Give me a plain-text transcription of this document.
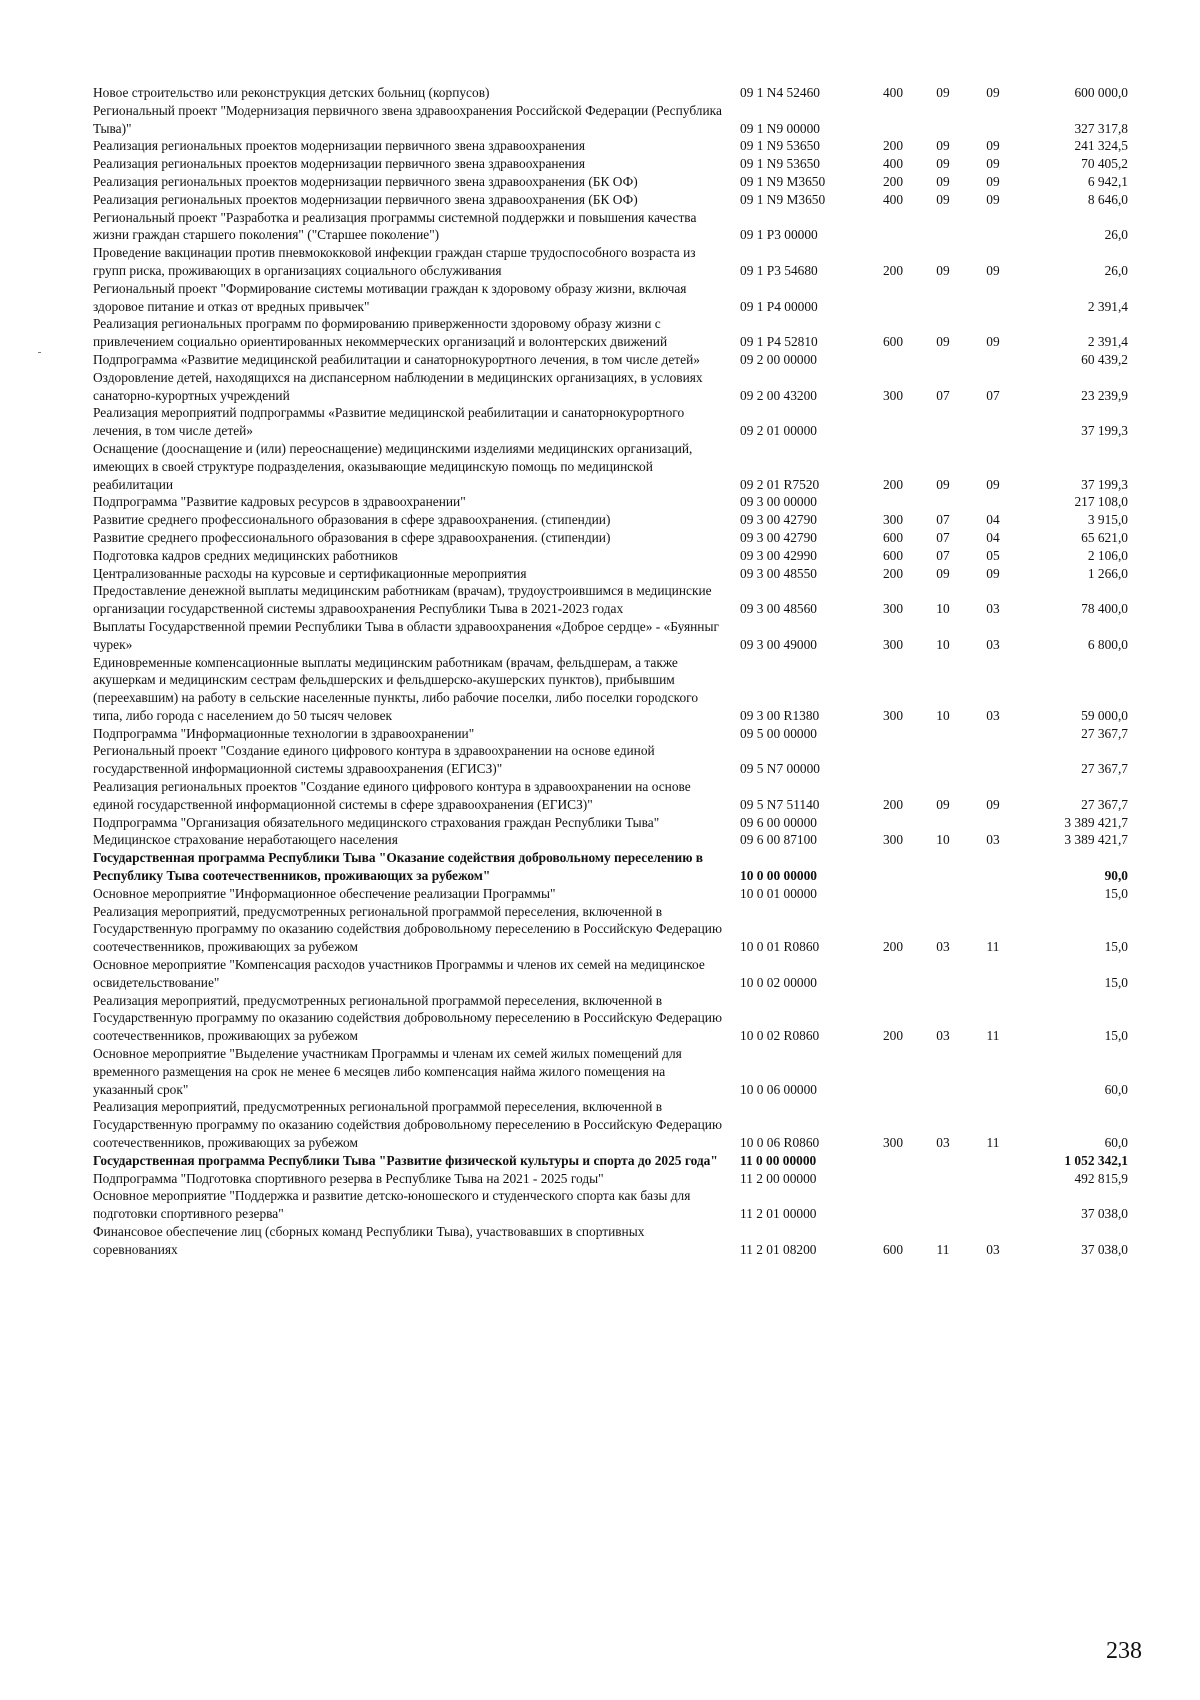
Новое строительство или реконструкция детских больниц (корпусов)	09 1 N4 52460	400	09	09	600 000,0
Региональный проект "Модернизация первичного звена здравоохранения Российской Федерации (Республика Тыва)"	09 1 N9 00000				327 317,8
Реализация региональных проектов модернизации первичного звена здравоохранения	09 1 N9 53650	200	09	09	241 324,5
Реализация региональных проектов модернизации первичного звена здравоохранения	09 1 N9 53650	400	09	09	70 405,2
Реализация региональных проектов модернизации первичного звена здравоохранения (БК ОФ)	09 1 N9 M3650	200	09	09	6 942,1
Реализация региональных проектов модернизации первичного звена здравоохранения (БК ОФ)	09 1 N9 M3650	400	09	09	8 646,0
Региональный проект "Разработка и реализация программы системной поддержки и повышения качества жизни граждан старшего поколения" ("Старшее поколение")	09 1 P3 00000				26,0
Проведение вакцинации против пневмококковой инфекции граждан старше трудоспособного возраста из групп риска, проживающих в организациях социального обслуживания	09 1 P3 54680	200	09	09	26,0
Региональный проект "Формирование системы мотивации граждан к здоровому образу жизни, включая здоровое питание и отказ от вредных привычек"	09 1 P4 00000				2 391,4
Реализация региональных программ по формированию приверженности здоровому образу жизни с привлечением социально ориентированных некоммерческих организаций и волонтерских движений	09 1 P4 52810	600	09	09	2 391,4
Подпрограмма «Развитие медицинской реабилитации и санаторнокурортного лечения, в том числе детей»	09 2 00 00000				60 439,2
Оздоровление детей, находящихся на диспансерном наблюдении в медицинских организациях, в условиях санаторно-курортных учреждений	09 2 00 43200	300	07	07	23 239,9
Реализация мероприятий подпрограммы «Развитие медицинской реабилитации и санаторнокурортного лечения, в том числе детей»	09 2 01 00000				37 199,3
Оснащение (дооснащение и (или) переоснащение) медицинскими изделиями медицинских организаций, имеющих в своей структуре подразделения, оказывающие медицинскую помощь по медицинской реабилитации	09 2 01 R7520	200	09	09	37 199,3
Подпрограмма "Развитие кадровых ресурсов в здравоохранении"	09 3 00 00000				217 108,0
Развитие среднего профессионального образования в сфере здравоохранения. (стипендии)	09 3 00 42790	300	07	04	3 915,0
Развитие среднего профессионального образования в сфере здравоохранения. (стипендии)	09 3 00 42790	600	07	04	65 621,0
Подготовка кадров средних медицинских работников	09 3 00 42990	600	07	05	2 106,0
Централизованные расходы на курсовые и сертификационные мероприятия	09 3 00 48550	200	09	09	1 266,0
Предоставление денежной выплаты медицинским работникам (врачам), трудоустроившимся в медицинские организации государственной системы здравоохранения Республики Тыва в 2021-2023 годах	09 3 00 48560	300	10	03	78 400,0
Выплаты Государственной премии Республики Тыва в области здравоохранения «Доброе сердце» - «Буянныг чурек»	09 3 00 49000	300	10	03	6 800,0
Единовременные компенсационные выплаты медицинским работникам (врачам, фельдшерам, а также акушеркам и медицинским сестрам фельдшерских и фельдшерско-акушерских пунктов), прибывшим (переехавшим) на работу в сельские населенные пункты, либо рабочие поселки, либо поселки городского типа, либо города с населением до 50 тысяч человек	09 3 00 R1380	300	10	03	59 000,0
Подпрограмма "Информационные технологии в здравоохранении"	09 5 00 00000				27 367,7
Региональный проект "Создание единого цифрового контура в здравоохранении на основе единой государственной информационной системы здравоохранения (ЕГИСЗ)"	09 5 N7 00000				27 367,7
Реализация региональных проектов "Создание единого цифрового контура в здравоохранении на основе единой государственной информационной системы в сфере здравоохранения (ЕГИСЗ)"	09 5 N7 51140	200	09	09	27 367,7
Подпрограмма "Организация обязательного медицинского страхования граждан Республики Тыва"	09 6 00 00000				3 389 421,7
Медицинское страхование неработающего населения	09 6 00 87100	300	10	03	3 389 421,7
Государственная программа Республики Тыва "Оказание содействия добровольному переселению в Республику Тыва соотечественников, проживающих за рубежом"	10 0 00 00000				90,0
Основное мероприятие "Информационное обеспечение реализации Программы"	10 0 01 00000				15,0
Реализация мероприятий, предусмотренных региональной программой переселения, включенной в Государственную программу по оказанию содействия добровольному переселению в Российскую Федерацию соотечественников, проживающих за рубежом	10 0 01 R0860	200	03	11	15,0
Основное мероприятие "Компенсация расходов участников Программы и членов их семей на медицинское освидетельствование"	10 0 02 00000				15,0
Реализация мероприятий, предусмотренных региональной программой переселения, включенной в Государственную программу по оказанию содействия добровольному переселению в Российскую Федерацию соотечественников, проживающих за рубежом	10 0 02 R0860	200	03	11	15,0
Основное мероприятие "Выделение участникам Программы и членам их семей жилых помещений для временного размещения на срок не менее 6 месяцев либо компенсация найма жилого помещения на указанный срок"	10 0 06 00000				60,0
Реализация мероприятий, предусмотренных региональной программой переселения, включенной в Государственную программу по оказанию содействия добровольному переселению в Российскую Федерацию соотечественников, проживающих за рубежом	10 0 06 R0860	300	03	11	60,0
Государственная программа Республики Тыва "Развитие физической культуры и спорта до 2025 года"	11 0 00 00000				1 052 342,1
Подпрограмма "Подготовка спортивного резерва в Республике Тыва на 2021 - 2025 годы"	11 2 00 00000				492 815,9
Основное мероприятие "Поддержка и развитие детско-юношеского и студенческого спорта как базы для подготовки спортивного резерва"	11 2 01 00000				37 038,0
Финансовое обеспечение лиц (сборных команд Республики Тыва), участвовавших в спортивных соревнованиях	11 2 01 08200	600	11	03	37 038,0
238
